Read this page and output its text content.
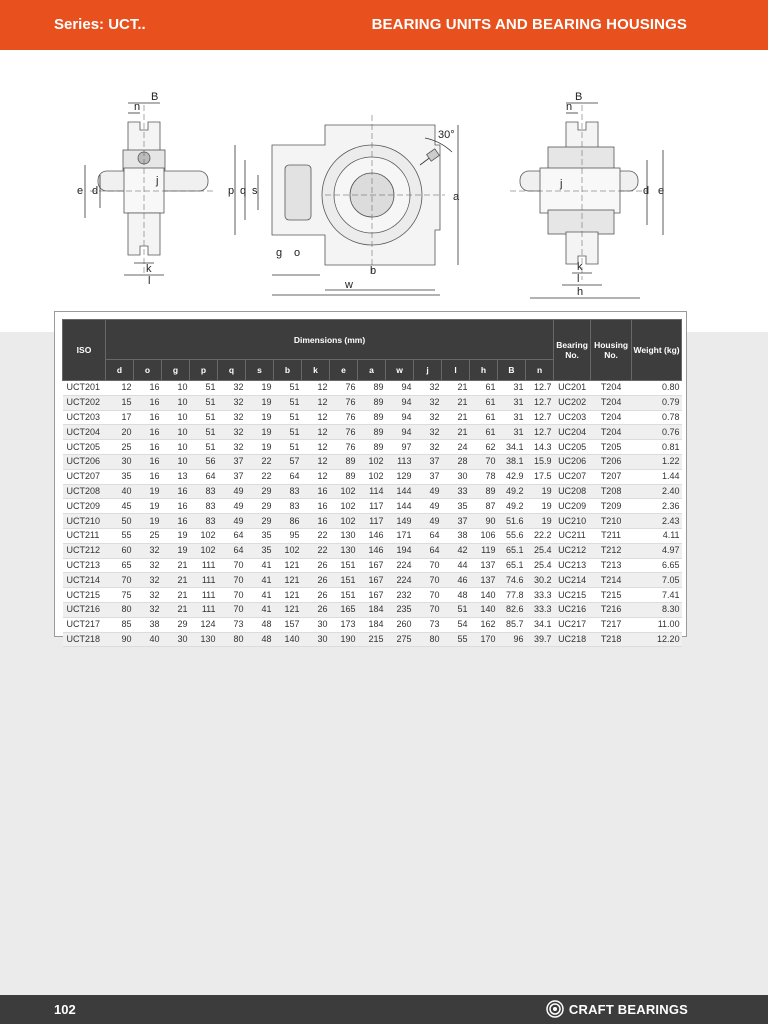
Series: UCT..	BEARING UNITS AND BEARING HOUSINGS
B
n
e d
j
k
l
30°
p q s	a
g o
b
w
B
n
j
d e
k
l
h
ISO	Dimensions (mm)																Bearing No.	Housing No.	Weight (kg)
	d	o	g	p	q	s	b	k	e	a	w	j	l	h	B	n			
UCT201	12	16	10	51	32	19	51	12	76	89	94	32	21	61	31	12.7	UC201	T204	0.80
UCT202	15	16	10	51	32	19	51	12	76	89	94	32	21	61	31	12.7	UC202	T204	0.79
UCT203	17	16	10	51	32	19	51	12	76	89	94	32	21	61	31	12.7	UC203	T204	0.78
UCT204	20	16	10	51	32	19	51	12	76	89	94	32	21	61	31	12.7	UC204	T204	0.76
UCT205	25	16	10	51	32	19	51	12	76	89	97	32	24	62	34.1	14.3	UC205	T205	0.81
UCT206	30	16	10	56	37	22	57	12	89	102	113	37	28	70	38.1	15.9	UC206	T206	1.22
UCT207	35	16	13	64	37	22	64	12	89	102	129	37	30	78	42.9	17.5	UC207	T207	1.44
UCT208	40	19	16	83	49	29	83	16	102	114	144	49	33	89	49.2	19	UC208	T208	2.40
UCT209	45	19	16	83	49	29	83	16	102	117	144	49	35	87	49.2	19	UC209	T209	2.36
UCT210	50	19	16	83	49	29	86	16	102	117	149	49	37	90	51.6	19	UC210	T210	2.43
UCT211	55	25	19	102	64	35	95	22	130	146	171	64	38	106	55.6	22.2	UC211	T211	4.11
UCT212	60	32	19	102	64	35	102	22	130	146	194	64	42	119	65.1	25.4	UC212	T212	4.97
UCT213	65	32	21	111	70	41	121	26	151	167	224	70	44	137	65.1	25.4	UC213	T213	6.65
UCT214	70	32	21	111	70	41	121	26	151	167	224	70	46	137	74.6	30.2	UC214	T214	7.05
UCT215	75	32	21	111	70	41	121	26	151	167	232	70	48	140	77.8	33.3	UC215	T215	7.41
UCT216	80	32	21	111	70	41	121	26	165	184	235	70	51	140	82.6	33.3	UC216	T216	8.30
UCT217	85	38	29	124	73	48	157	30	173	184	260	73	54	162	85.7	34.1	UC217	T217	11.00
UCT218	90	40	30	130	80	48	140	30	190	215	275	80	55	170	96	39.7	UC218	T218	12.20
102	CRAFT BEARINGS
